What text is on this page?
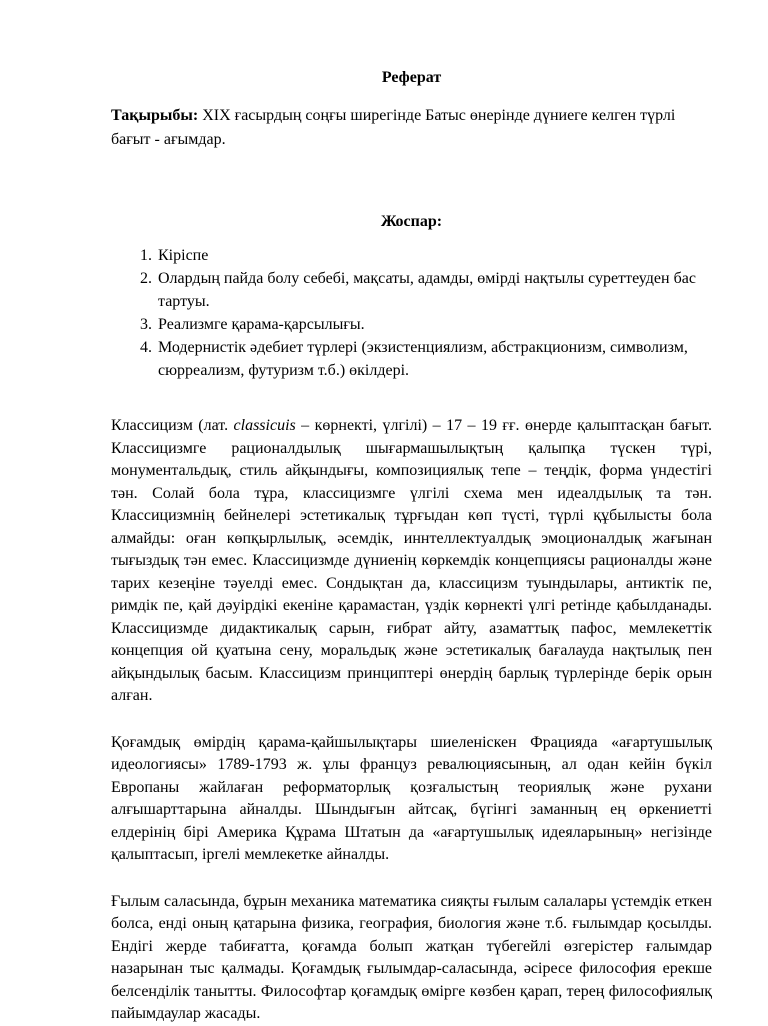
Реферат

Тақырыбы: XIX ғасырдың соңғы ширегінде Батыс өнерінде дүниеге келген түрлі бағыт - ағымдар.

Жоспар:

1. Кіріспе
2. Олардың пайда болу себебі, мақсаты, адамды, өмірді нақтылы суреттеуден бас тартуы.
3. Реализмге қарама-қарсылығы.
4. Модернистік әдебиет түрлері (экзистенциялизм, абстракционизм, символизм, сюрреализм, футуризм т.б.) өкілдері.

Классицизм (лат. classicuis – көрнекті, үлгілі) – 17 – 19 ғғ. өнерде қалыптасқан бағыт. Классицизмге рационалдылық шығармашылықтың қалыпқа түскен түрі, монументальдық, стиль айқындығы, композициялық тепе – теңдік, форма үндестігі тән. Солай бола тұра, классицизмге үлгілі схема мен идеалдылық та тән. Классицизмнің бейнелері эстетикалық тұрғыдан көп түсті, түрлі құбылысты бола алмайды: оған көпқырлылық, әсемдік, иннтеллектуалдық эмоционалдық жағынан тығыздық тән емес. Классицизмде дүниенің көркемдік концепциясы рационалды және тарих кезеңіне тәуелді емес. Сондықтан да, классицизм туындылары, антиктік пе, римдік пе, қай дәуірдікі екеніне қарамастан, үздік көрнекті үлгі ретінде қабылданады. Классицизмде дидактикалық сарын, ғибрат айту, азаматтық пафос, мемлекеттік концепция ой қуатына сену, моральдық және эстетикалық бағалауда нақтылық пен айқындылық басым. Классицизм принциптері өнердің барлық түрлерінде берік орын алған.

Қоғамдық өмірдің қарама-қайшылықтары шиеленіскен Фрацияда «ағартушылық идеологиясы» 1789-1793 ж. ұлы француз ревалюциясының, ал одан кейін бүкіл Европаны жайлаған реформаторлық қозғалыстың теориялық және рухани алғышарттарына айналды. Шындығын айтсақ, бүгінгі заманның ең өркениетті елдерінің бірі Америка Құрама Штатын да «ағартушылық идеяларының» негізінде қалыптасып, іргелі мемлекетке айналды.

Ғылым саласында, бұрын механика математика сияқты ғылым салалары үстемдік еткен болса, енді оның қатарына физика, география, биология және т.б. ғылымдар қосылды. Ендігі жерде табиғатта, қоғамда болып жатқан түбегейлі өзгерістер ғалымдар назарынан тыс қалмады. Қоғамдық ғылымдар-саласында, әсіресе философия ерекше белсенділік танытты. Философтар қоғамдық өмірге көзбен қарап, терең философиялық пайымдаулар жасады.
